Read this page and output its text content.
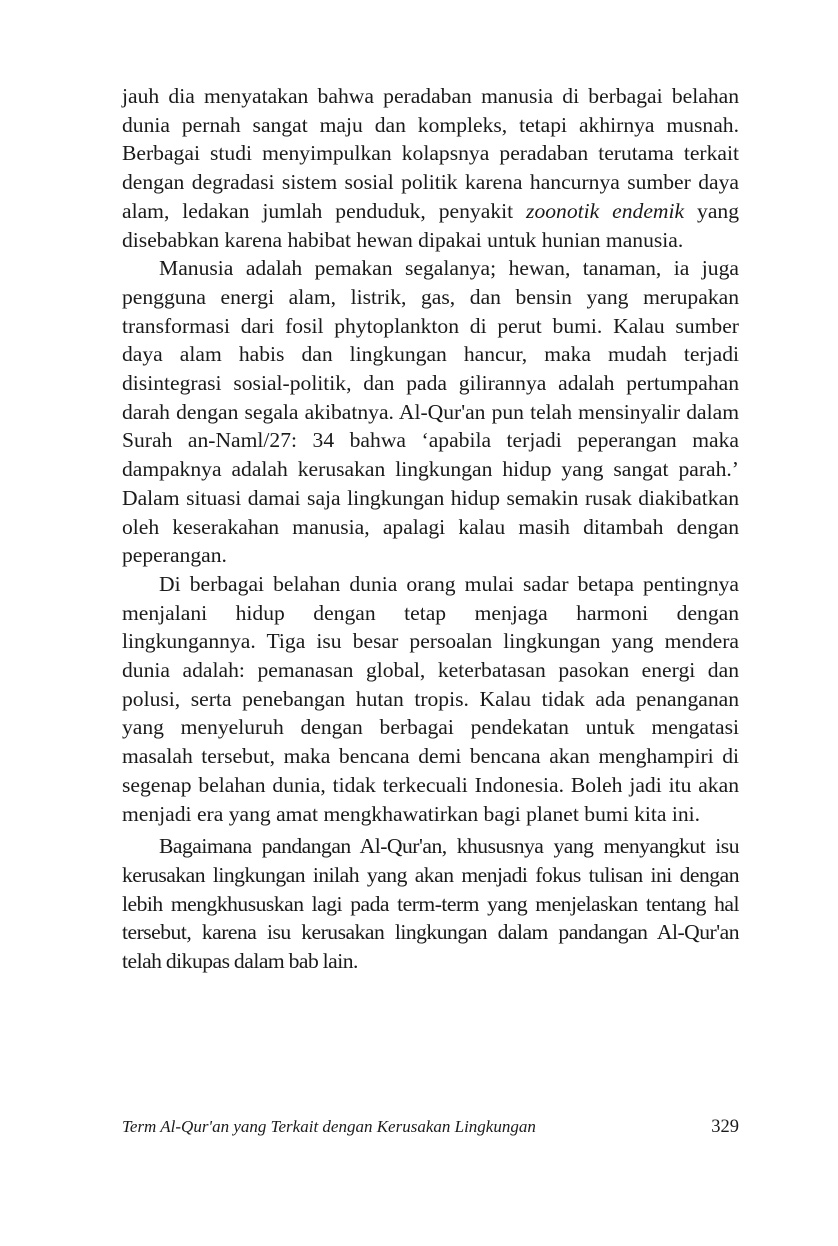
jauh dia menyatakan bahwa peradaban manusia di berbagai belahan dunia pernah sangat maju dan kompleks, tetapi akhirnya musnah. Berbagai studi menyimpulkan kolapsnya peradaban terutama terkait dengan degradasi sistem sosial politik karena hancurnya sumber daya alam, ledakan jumlah penduduk, penyakit zoonotik endemik yang disebabkan karena habibat hewan dipakai untuk hunian manusia.

Manusia adalah pemakan segalanya; hewan, tanaman, ia juga pengguna energi alam, listrik, gas, dan bensin yang merupakan transformasi dari fosil phytoplankton di perut bumi. Kalau sumber daya alam habis dan lingkungan hancur, maka mudah terjadi disintegrasi sosial-politik, dan pada gilirannya adalah pertumpahan darah dengan segala akibatnya. Al-Qur'an pun telah mensinyalir dalam Surah an-Naml/27: 34 bahwa ‘apabila terjadi peperangan maka dampaknya adalah kerusakan lingkungan hidup yang sangat parah.’ Dalam situasi damai saja lingkungan hidup semakin rusak diakibatkan oleh keserakahan manusia, apalagi kalau masih ditambah dengan peperangan.

Di berbagai belahan dunia orang mulai sadar betapa pentingnya menjalani hidup dengan tetap menjaga harmoni dengan lingkungannya. Tiga isu besar persoalan lingkungan yang mendera dunia adalah: pemanasan global, keterbatasan pasokan energi dan polusi, serta penebangan hutan tropis. Kalau tidak ada penanganan yang menyeluruh dengan berbagai pendekatan untuk mengatasi masalah tersebut, maka bencana demi bencana akan menghampiri di segenap belahan dunia, tidak terkecuali Indonesia. Boleh jadi itu akan menjadi era yang amat mengkhawatirkan bagi planet bumi kita ini.

Bagaimana pandangan Al-Qur'an, khususnya yang menyangkut isu kerusakan lingkungan inilah yang akan menjadi fokus tulisan ini dengan lebih mengkhususkan lagi pada term-term yang menjelaskan tentang hal tersebut, karena isu kerusakan lingkungan dalam pandangan Al-Qur'an telah dikupas dalam bab lain.

Term Al-Qur'an yang Terkait dengan Kerusakan Lingkungan	329
